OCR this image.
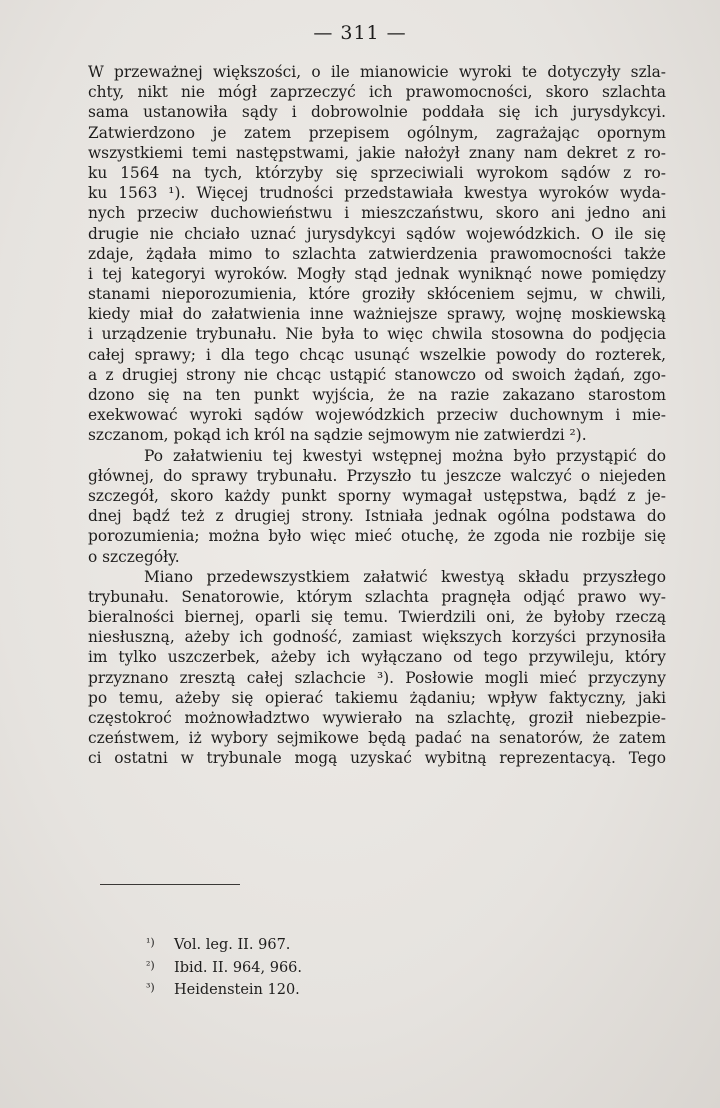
— 311 —
W przeważnej większości, o ile mianowicie wyroki te dotyczyły szla-
chty, nikt nie mógł zaprzeczyć ich prawomocności, skoro szlachta
sama ustanowiła sądy i dobrowolnie poddała się ich jurysdykcyi.
Zatwierdzono je zatem przepisem ogólnym, zagrażając opornym
wszystkiemi temi następstwami, jakie nałożył znany nam dekret z ro-
ku 1564 na tych, którzyby się sprzeciwiali wyrokom sądów z ro-
ku 1563 ¹). Więcej trudności przedstawiała kwestya wyroków wyda-
nych przeciw duchowieństwu i mieszczaństwu, skoro ani jedno ani
drugie nie chciało uznać jurysdykcyi sądów wojewódzkich. O ile się
zdaje, żądała mimo to szlachta zatwierdzenia prawomocności także
i tej kategoryi wyroków. Mogły stąd jednak wyniknąć nowe pomiędzy
stanami nieporozumienia, które groziły skłóceniem sejmu, w chwili,
kiedy miał do załatwienia inne ważniejsze sprawy, wojnę moskiewską
i urządzenie trybunału. Nie była to więc chwila stosowna do podjęcia
całej sprawy; i dla tego chcąc usunąć wszelkie powody do rozterek,
a z drugiej strony nie chcąc ustąpić stanowczo od swoich żądań, zgo-
dzono się na ten punkt wyjścia, że na razie zakazano starostom
exekwować wyroki sądów wojewódzkich przeciw duchownym i mie-
szczanom, pokąd ich król na sądzie sejmowym nie zatwierdzi ²).
Po załatwieniu tej kwestyi wstępnej można było przystąpić do
głównej, do sprawy trybunału. Przyszło tu jeszcze walczyć o niejeden
szczegół, skoro każdy punkt sporny wymagał ustępstwa, bądź z je-
dnej bądź też z drugiej strony. Istniała jednak ogólna podstawa do
porozumienia; można było więc mieć otuchę, że zgoda nie rozbije się
o szczegóły.
Miano przedewszystkiem załatwić kwestyą składu przyszłego
trybunału. Senatorowie, którym szlachta pragnęła odjąć prawo wy-
bieralności biernej, oparli się temu. Twierdzili oni, że byłoby rzeczą
niesłuszną, ażeby ich godność, zamiast większych korzyści przynosiła
im tylko uszczerbek, ażeby ich wyłączano od tego przywileju, który
przyznano zresztą całej szlachcie ³). Posłowie mogli mieć przyczyny
po temu, ażeby się opierać takiemu żądaniu; wpływ faktyczny, jaki
częstokroć możnowładztwo wywierało na szlachtę, groził niebezpie-
czeństwem, iż wybory sejmikowe będą padać na senatorów, że zatem
ci ostatni w trybunale mogą uzyskać wybitną reprezentacyą. Tego
¹) Vol. leg. II. 967.
²) Ibid. II. 964, 966.
³) Heidenstein 120.
